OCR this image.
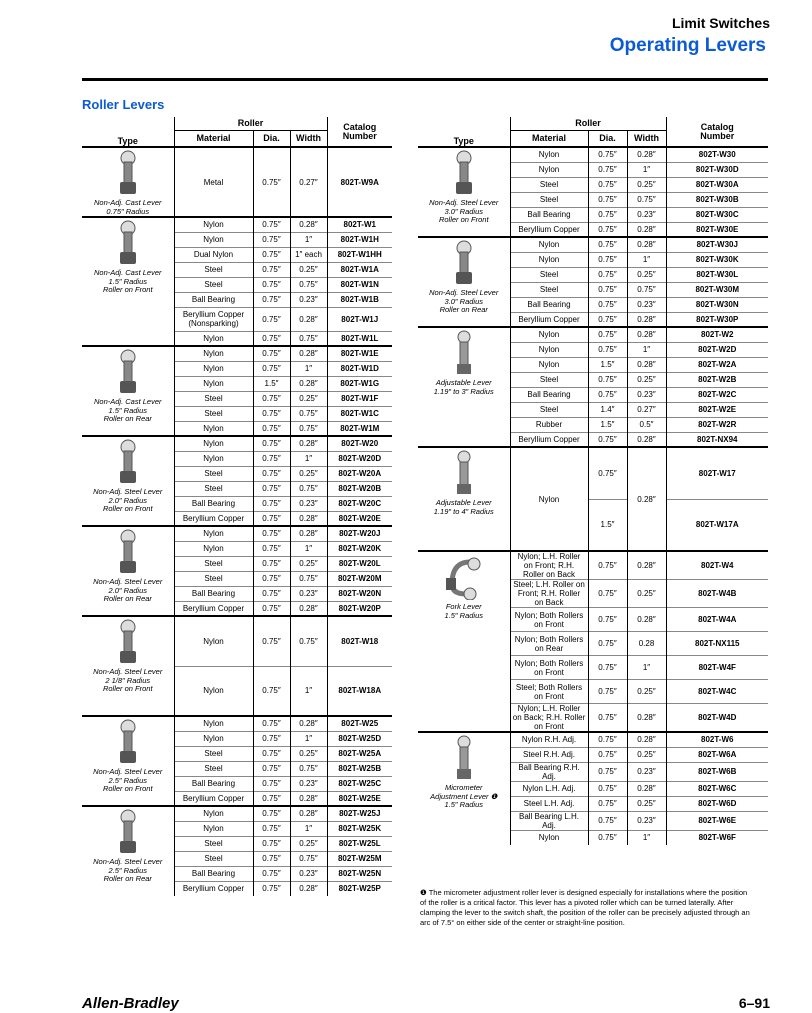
Limit Switches
Operating Levers
Roller Levers
Type	Roller			Catalog
Number
	Material	Dia.	Width	

Non-Adj. Cast Lever
0.75″ Radius	Metal	0.75″	0.27″	802T-W9A

Non-Adj. Cast Lever
1.5″ Radius
Roller on Front	Nylon	0.75″	0.28″	802T-W1
	Nylon	0.75″	1″	802T-W1H
	Dual Nylon	0.75″	1″ each	802T-W1HH
	Steel	0.75″	0.25″	802T-W1A
	Steel	0.75″	0.75″	802T-W1N
	Ball Bearing	0.75″	0.23″	802T-W1B
	Beryllium Copper (Nonsparking)	0.75″	0.28″	802T-W1J
	Nylon	0.75″	0.75″	802T-W1L

Non-Adj. Cast Lever
1.5″ Radius
Roller on Rear	Nylon	0.75″	0.28″	802T-W1E
	Nylon	0.75″	1″	802T-W1D
	Nylon	1.5″	0.28″	802T-W1G
	Steel	0.75″	0.25″	802T-W1F
	Steel	0.75″	0.75″	802T-W1C
	Nylon	0.75″	0.75″	802T-W1M

Non-Adj. Steel Lever
2.0″ Radius
Roller on Front	Nylon	0.75″	0.28″	802T-W20
	Nylon	0.75″	1″	802T-W20D
	Steel	0.75″	0.25″	802T-W20A
	Steel	0.75″	0.75″	802T-W20B
	Ball Bearing	0.75″	0.23″	802T-W20C
	Beryllium Copper	0.75″	0.28″	802T-W20E

Non-Adj. Steel Lever
2.0″ Radius
Roller on Rear	Nylon	0.75″	0.28″	802T-W20J
	Nylon	0.75″	1″	802T-W20K
	Steel	0.75″	0.25″	802T-W20L
	Steel	0.75″	0.75″	802T-W20M
	Ball Bearing	0.75″	0.23″	802T-W20N
	Beryllium Copper	0.75″	0.28″	802T-W20P

Non-Adj. Steel Lever
2 1/8″ Radius
Roller on Front	Nylon	0.75″	0.75″	802T-W18
	Nylon	0.75″	1″	802T-W18A

Non-Adj. Steel Lever
2.5″ Radius
Roller on Front	Nylon	0.75″	0.28″	802T-W25
	Nylon	0.75″	1″	802T-W25D
	Steel	0.75″	0.25″	802T-W25A
	Steel	0.75″	0.75″	802T-W25B
	Ball Bearing	0.75″	0.23″	802T-W25C
	Beryllium Copper	0.75″	0.28″	802T-W25E

Non-Adj. Steel Lever
2.5″ Radius
Roller on Rear	Nylon	0.75″	0.28″	802T-W25J
	Nylon	0.75″	1″	802T-W25K
	Steel	0.75″	0.25″	802T-W25L
	Steel	0.75″	0.75″	802T-W25M
	Ball Bearing	0.75″	0.23″	802T-W25N
	Beryllium Copper	0.75″	0.28″	802T-W25P
Type	Roller			Catalog
Number
	Material	Dia.	Width	

Non-Adj. Steel Lever
3.0″ Radius
Roller on Front	Nylon	0.75″	0.28″	802T-W30
	Nylon	0.75″	1″	802T-W30D
	Steel	0.75″	0.25″	802T-W30A
	Steel	0.75″	0.75″	802T-W30B
	Ball Bearing	0.75″	0.23″	802T-W30C
	Beryllium Copper	0.75″	0.28″	802T-W30E

Non-Adj. Steel Lever
3.0″ Radius
Roller on Rear	Nylon	0.75″	0.28″	802T-W30J
	Nylon	0.75″	1″	802T-W30K
	Steel	0.75″	0.25″	802T-W30L
	Steel	0.75″	0.75″	802T-W30M
	Ball Bearing	0.75″	0.23″	802T-W30N
	Beryllium Copper	0.75″	0.28″	802T-W30P

Adjustable Lever
1.19″ to 3″ Radius	Nylon	0.75″	0.28″	802T-W2
	Nylon	0.75″	1″	802T-W2D
	Nylon	1.5″	0.28″	802T-W2A
	Steel	0.75″	0.25″	802T-W2B
	Ball Bearing	0.75″	0.23″	802T-W2C
	Steel	1.4″	0.27″	802T-W2E
	Rubber	1.5″	0.5″	802T-W2R
	Beryllium Copper	0.75″	0.28″	802T-NX94

Adjustable Lever
1.19″ to 4″ Radius	Nylon	0.75″	0.28″	802T-W17
		1.5″		802T-W17A

Fork Lever
1.5″ Radius	Nylon; L.H. Roller on Front; R.H. Roller on Back	0.75″	0.28″	802T-W4
	Steel; L.H. Roller on Front; R.H. Roller on Back	0.75″	0.25″	802T-W4B
	Nylon; Both Rollers on Front	0.75″	0.28″	802T-W4A
	Nylon; Both Rollers on Rear	0.75″	0.28	802T-NX115
	Nylon; Both Rollers on Front	0.75″	1″	802T-W4F
	Steel; Both Rollers on Front	0.75″	0.25″	802T-W4C
	Nylon; L.H. Roller on Back; R.H. Roller on Front	0.75″	0.28″	802T-W4D

Micrometer
Adjustment Lever ❶
1.5″ Radius	Nylon R.H. Adj.	0.75″	0.28″	802T-W6
	Steel R.H. Adj.	0.75″	0.25″	802T-W6A
	Ball Bearing R.H. Adj.	0.75″	0.23″	802T-W6B
	Nylon L.H. Adj.	0.75″	0.28″	802T-W6C
	Steel L.H. Adj.	0.75″	0.25″	802T-W6D
	Ball Bearing L.H. Adj.	0.75″	0.23″	802T-W6E
	Nylon	0.75″	1″	802T-W6F
❶ The micrometer adjustment roller lever is designed especially for installations where the position of the roller is a critical factor. This lever has a pivoted roller which can be turned laterally. After clamping the lever to the switch shaft, the position of the roller can be precisely adjusted through an arc of 7.5° on either side of the center or straight-line position.
Allen-Bradley	6–91
